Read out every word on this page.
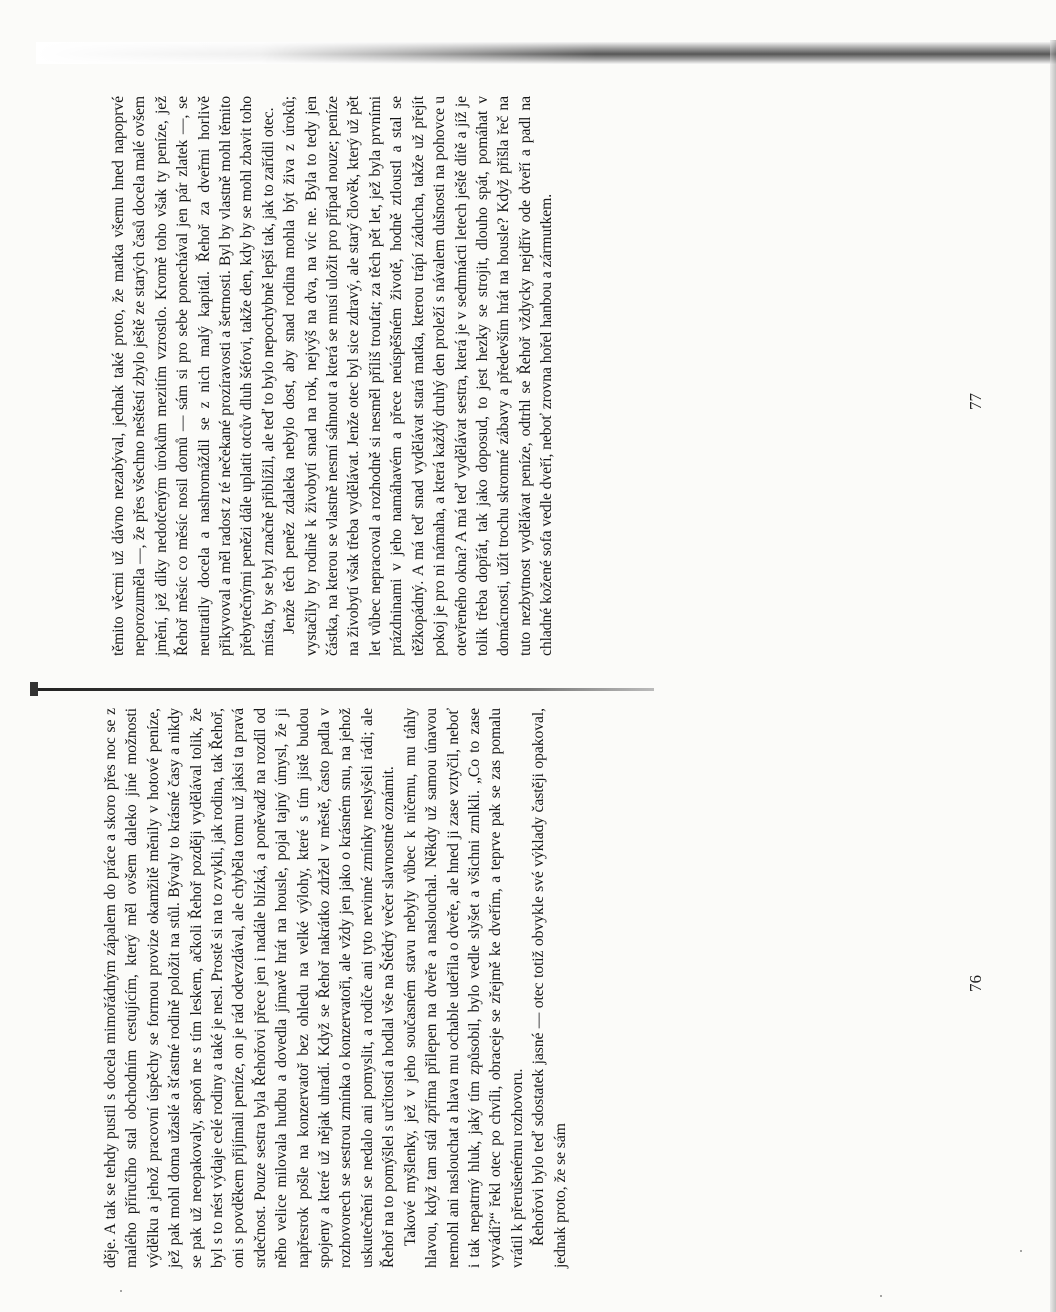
děje. A tak se tehdy pustil s docela mimořádným zápalem do práce a skoro přes noc se z malého příručího stal obchodním cestujícím, který měl ovšem daleko jiné možnosti výdělku a jehož pracovní úspěchy se formou provize okamžitě měnily v hotové peníze, jež pak mohl doma užaslé a šťastné rodině položit na stůl. Bývaly to krásné časy a nikdy se pak už neopakovaly, aspoň ne s tím leskem, ačkoli Řehoř později vydělával tolik, že byl s to nést výdaje celé rodiny a také je nesl. Prostě si na to zvykli, jak rodina, tak Řehoř, oni s povděkem přijímali peníze, on je rád odevzdával, ale chyběla tomu už jaksi ta pravá srdečnost. Pouze sestra byla Řehořovi přece jen i nadále blízká, a poněvadž na rozdíl od něho velice milovala hudbu a dovedla jímavě hrát na housle, pojal tajný úmysl, že ji napřesrok pošle na konzervatoř bez ohledu na velké výlohy, které s tím jistě budou spojeny a které už nějak uhradí. Když se Řehoř nakrátko zdržel v městě, často padla v rozhovorech se sestrou zmínka o konzervatoři, ale vždy jen jako o krásném snu, na jehož uskutečnění se nedalo ani pomyslit, a rodiče ani tyto nevinné zmínky neslyšeli rádi; ale Řehoř na to pomýšlel s určitostí a hodlal vše na Štědrý večer slavnostně oznámit. Takové myšlenky, jež v jeho současném stavu nebyly vůbec k ničemu, mu táhly hlavou, když tam stál zpříma přilepen na dveře a naslouchal. Někdy už samou únavou nemohl ani naslouchat a hlava mu ochable udeřila o dveře, ale hned ji zase vztyčil, neboť i tak nepatrný hluk, jaký tím způsobil, bylo vedle slyšet a všichni zmlkli. „Co to zase vyvádí?“ řekl otec po chvíli, obraceje se zřejmě ke dveřím, a teprve pak se zas pomalu vrátil k přerušenému rozhovoru. Řehořovi bylo teď sdostatek jasné — otec totiž obvykle své výklady častěji opakoval, jednak proto, že se sám

těmito věcmi už dávno nezabýval, jednak také proto, že matka všemu hned napoprvé neporozuměla —, že přes všechno neštěstí zbylo ještě ze starých časů docela malé ovšem jmění, jež díky nedotčeným úrokům mezitím vzrostlo. Kromě toho však ty peníze, jež Řehoř měsíc co měsíc nosil domů — sám si pro sebe ponechával jen pár zlatek —, se neutratily docela a nashromáždil se z nich malý kapitál. Řehoř za dveřmi horlivě přikyvoval a měl radost z té nečekané prozíravosti a šetrnosti. Byl by vlastně mohl těmito přebytečnými penězi dále uplatit otcův dluh šéfovi, takže den, kdy by se mohl zbavit toho místa, by se byl značně přiblížil, ale teď to bylo nepochybně lepší tak, jak to zařídil otec. Jenže těch peněz zdaleka nebylo dost, aby snad rodina mohla být živa z úroků; vystačily by rodině k živobytí snad na rok, nejvýš na dva, na víc ne. Byla to tedy jen částka, na kterou se vlastně nesmí sáhnout a která se musí uložit pro případ nouze; peníze na živobytí však třeba vydělávat. Jenže otec byl sice zdravý, ale starý člověk, který už pět let vůbec nepracoval a rozhodně si nesměl příliš troufat; za těch pět let, jež byla prvními prázdninami v jeho namáhavém a přece neúspěšném životě, hodně ztloustl a stal se těžkopádný. A má teď snad vydělávat stará matka, kterou trápí záducha, takže už přejít pokoj je pro ni námaha, a která každý druhý den proleží s návalem dušnosti na pohovce u otevřeného okna? A má teď vydělávat sestra, která je v sedmnácti letech ještě dítě a jíž je tolik třeba dopřát, tak jako doposud, to jest hezky se strojit, dlouho spát, pomáhat v domácnosti, užít trochu skromné zábavy a především hrát na housle? Když přišla řeč na tuto nezbytnost vydělávat peníze, odtrhl se Řehoř vždycky nejdřív ode dveří a padl na chladné kožené sofa vedle dveří, neboť zrovna hořel hanbou a zármutkem.

76
77
